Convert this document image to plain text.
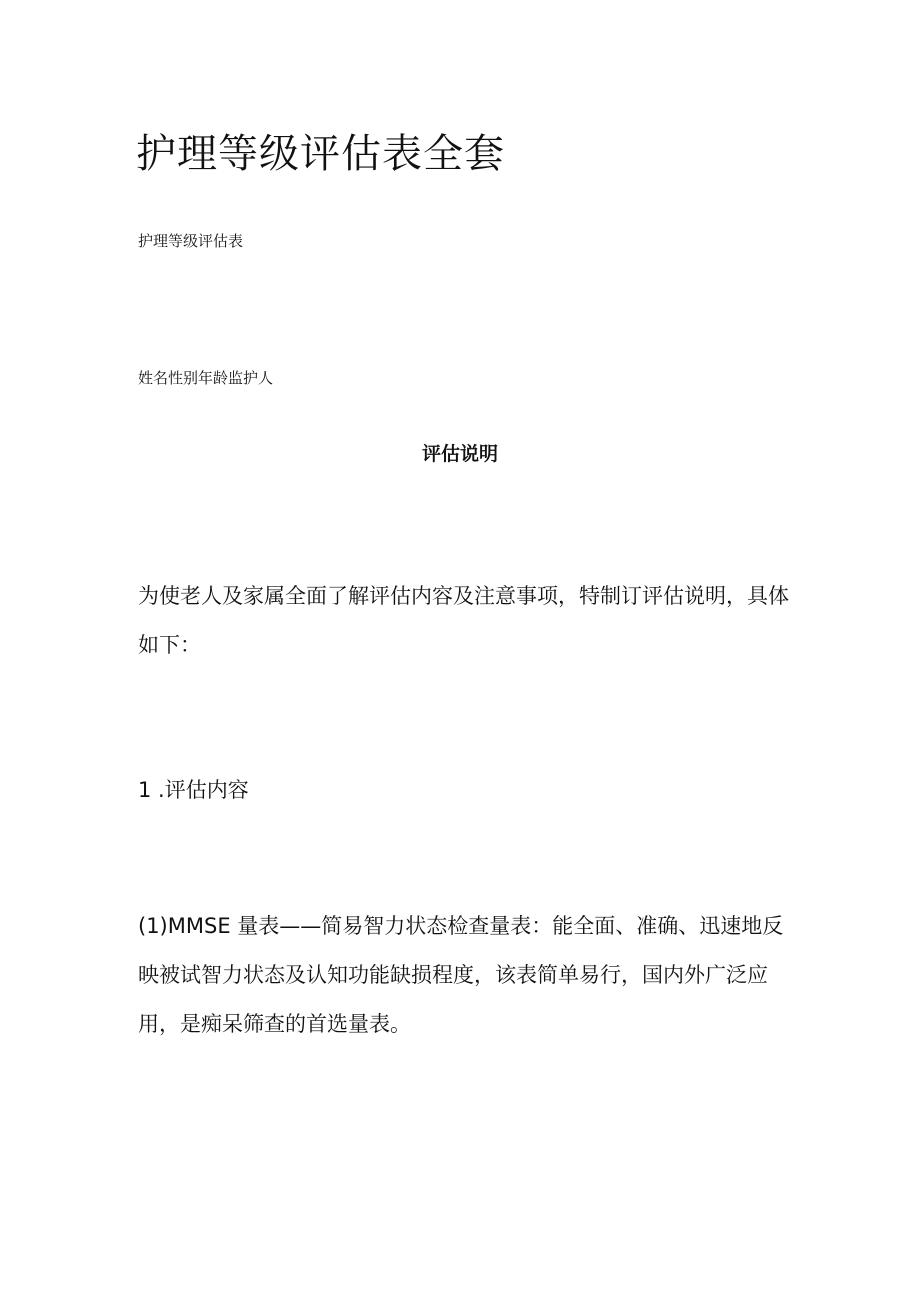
护理等级评估表全套

护理等级评估表

姓名性别年龄监护人

评估说明

为使老人及家属全面了解评估内容及注意事项，特制订评估说明，具体如下：

1 .评估内容

(1)MMSE 量表——简易智力状态检查量表：能全面、准确、迅速地反映被试智力状态及认知功能缺损程度，该表简单易行，国内外广泛应用，是痴呆筛查的首选量表。
